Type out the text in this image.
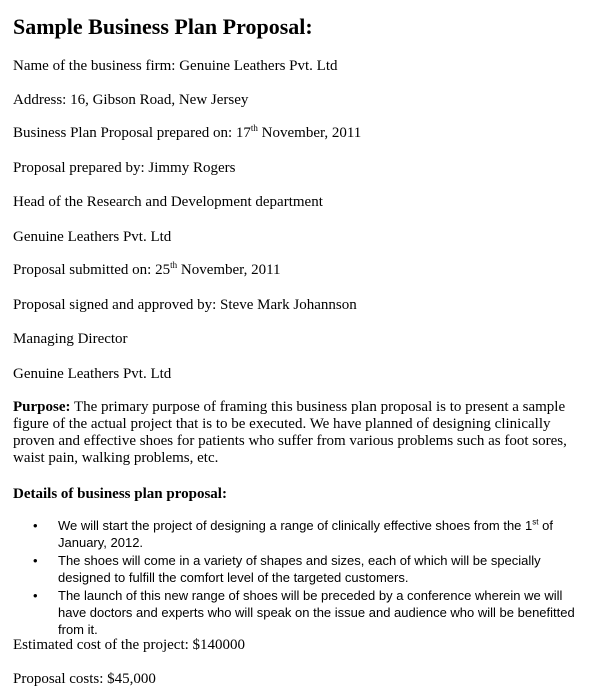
Sample Business Plan Proposal:

Name of the business firm: Genuine Leathers Pvt. Ltd

Address: 16, Gibson Road, New Jersey

Business Plan Proposal prepared on: 17th November, 2011

Proposal prepared by: Jimmy Rogers

Head of the Research and Development department

Genuine Leathers Pvt. Ltd

Proposal submitted on: 25th November, 2011

Proposal signed and approved by: Steve Mark Johannson

Managing Director

Genuine Leathers Pvt. Ltd

Purpose: The primary purpose of framing this business plan proposal is to present a sample figure of the actual project that is to be executed. We have planned of designing clinically proven and effective shoes for patients who suffer from various problems such as foot sores, waist pain, walking problems, etc.

Details of business plan proposal:

• We will start the project of designing a range of clinically effective shoes from the 1st of January, 2012.
• The shoes will come in a variety of shapes and sizes, each of which will be specially designed to fulfill the comfort level of the targeted customers.
• The launch of this new range of shoes will be preceded by a conference wherein we will have doctors and experts who will speak on the issue and audience who will be benefitted from it.

Estimated cost of the project: $140000

Proposal costs: $45,000
